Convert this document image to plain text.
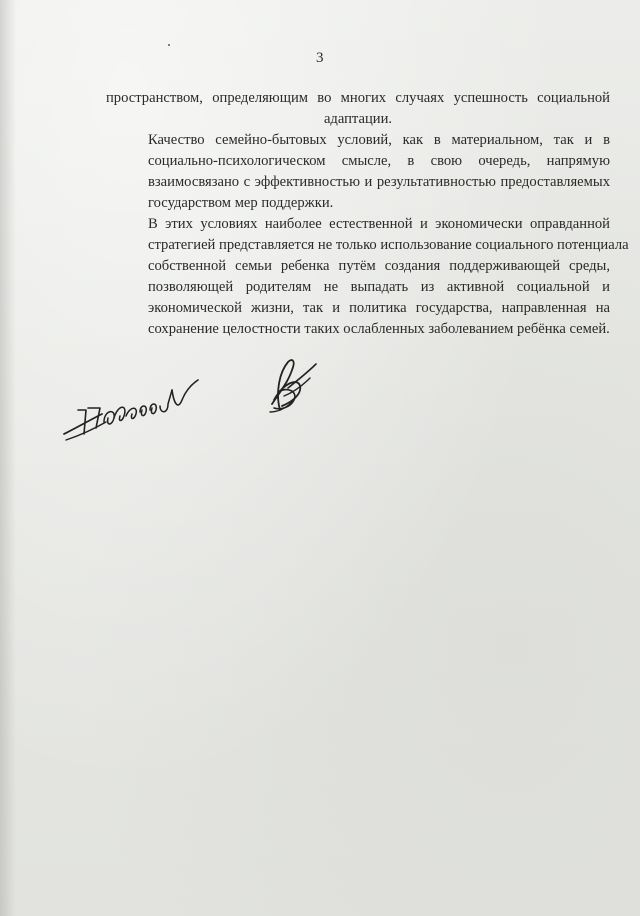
3

пространством, определяющим во многих случаях успешность социальной
адаптации.

Качество семейно-бытовых условий, как в материальном, так и в
социально-психологическом смысле, в свою очередь, напрямую
взаимосвязано с эффективностью и результативностью предоставляемых
государством мер поддержки.

В этих условиях наиболее естественной и экономически оправданной
стратегией представляется не только использование социального потенциала
собственной семьи ребенка путём создания поддерживающей среды,
позволяющей родителям не выпадать из активной социальной и
экономической жизни, так и политика государства, направленная на
сохранение целостности таких ослабленных заболеванием ребёнка семей.
